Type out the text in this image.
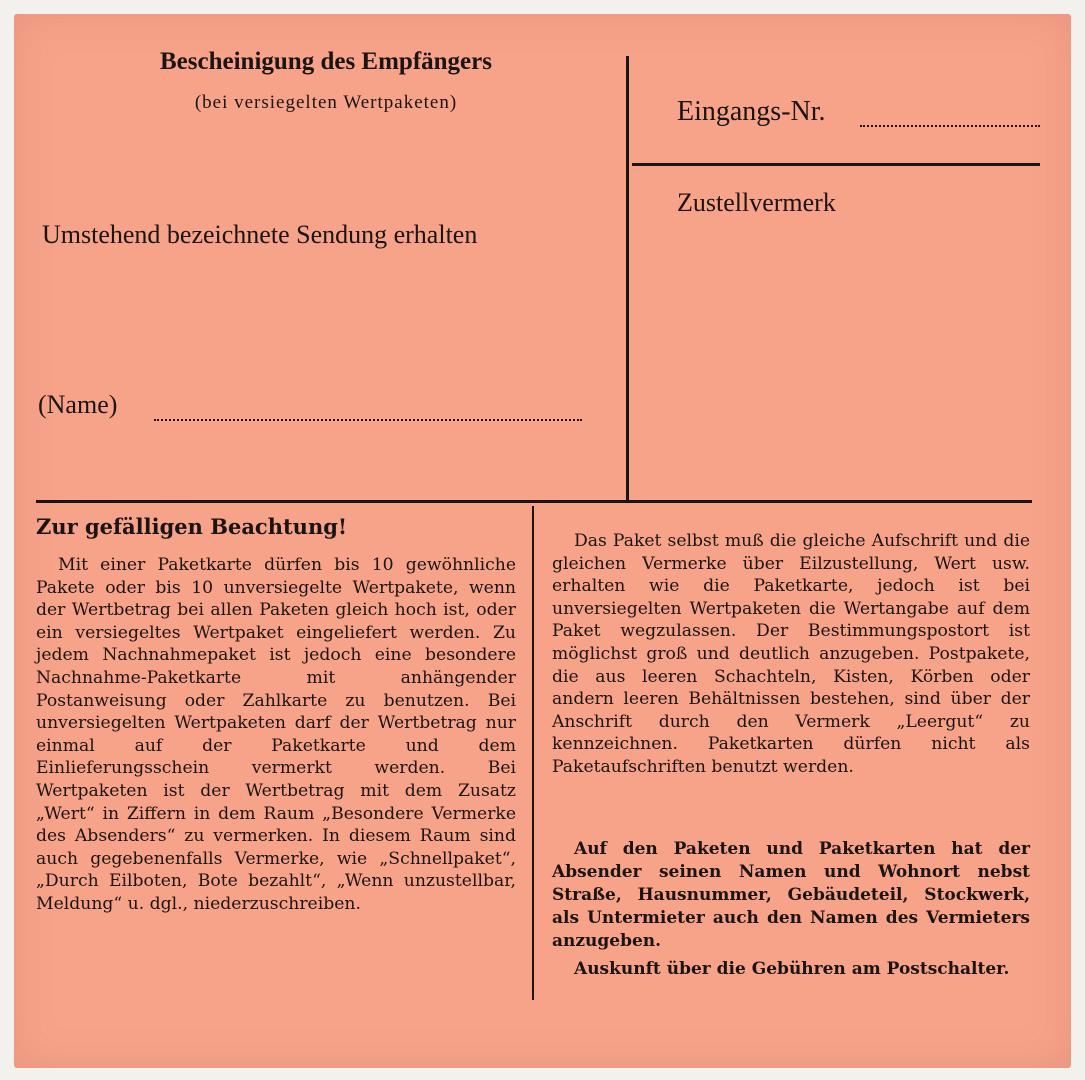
Bescheinigung des Empfängers
(bei versiegelten Wertpaketen)
Umstehend bezeichnete Sendung erhalten
(Name)
Eingangs-Nr.
Zustellvermerk
Zur gefälligen Beachtung!
Mit einer Paketkarte dürfen bis 10 gewöhnliche Pakete oder bis 10 unversiegelte Wertpakete, wenn der Wertbetrag bei allen Paketen gleich hoch ist, oder ein versiegeltes Wertpaket eingeliefert werden. Zu jedem Nachnahmepaket ist jedoch eine besondere Nachnahme-Paketkarte mit anhängender Postanweisung oder Zahlkarte zu benutzen. Bei unversiegelten Wertpaketen darf der Wertbetrag nur einmal auf der Paketkarte und dem Einlieferungsschein vermerkt werden. Bei Wertpaketen ist der Wertbetrag mit dem Zusatz „Wert“ in Ziffern in dem Raum „Besondere Vermerke des Absenders“ zu vermerken. In diesem Raum sind auch gegebenenfalls Vermerke, wie „Schnellpaket“, „Durch Eilboten, Bote bezahlt“, „Wenn unzustellbar, Meldung“ u. dgl., niederzuschreiben.
Das Paket selbst muß die gleiche Aufschrift und die gleichen Vermerke über Eilzustellung, Wert usw. erhalten wie die Paketkarte, jedoch ist bei unversiegelten Wertpaketen die Wertangabe auf dem Paket wegzulassen. Der Bestimmungspostort ist möglichst groß und deutlich anzugeben. Postpakete, die aus leeren Schachteln, Kisten, Körben oder andern leeren Behältnissen bestehen, sind über der Anschrift durch den Vermerk „Leergut“ zu kennzeichnen. Paketkarten dürfen nicht als Paketaufschriften benutzt werden.
Auf den Paketen und Paketkarten hat der Absender seinen Namen und Wohnort nebst Straße, Hausnummer, Gebäudeteil, Stockwerk, als Untermieter auch den Namen des Vermieters anzugeben.
Auskunft über die Gebühren am Postschalter.
